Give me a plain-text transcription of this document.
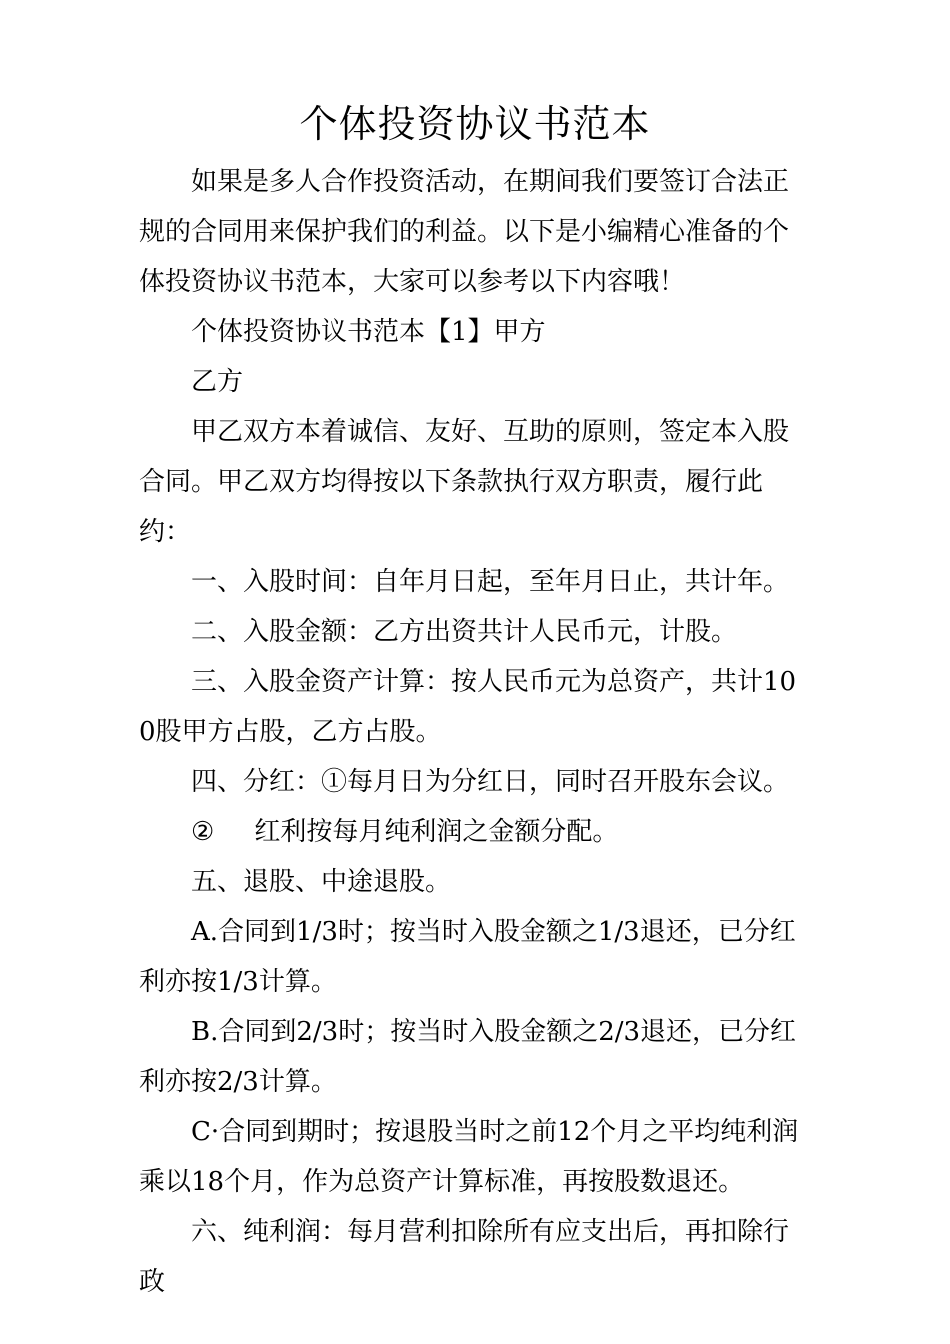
个体投资协议书范本

如果是多人合作投资活动，在期间我们要签订合法正规的合同用来保护我们的利益。以下是小编精心准备的个体投资协议书范本，大家可以参考以下内容哦！

个体投资协议书范本【1】甲方

乙方

甲乙双方本着诚信、友好、互助的原则，签定本入股合同。甲乙双方均得按以下条款执行双方职责，履行此约：

一、入股时间：自年月日起，至年月日止，共计年。

二、入股金额：乙方出资共计人民币元，计股。

三、入股金资产计算：按人民币元为总资产，共计100股甲方占股，乙方占股。

四、分红：①每月日为分红日，同时召开股东会议。

② 红利按每月纯利润之金额分配。

五、退股、中途退股。

A.合同到1/3时；按当时入股金额之1/3退还，已分红利亦按1/3计算。

B.合同到2/3时；按当时入股金额之2/3退还，已分红利亦按2/3计算。

C·合同到期时；按退股当时之前12个月之平均纯利润乘以18个月，作为总资产计算标准，再按股数退还。

六、纯利润：每月营利扣除所有应支出后，再扣除行政
